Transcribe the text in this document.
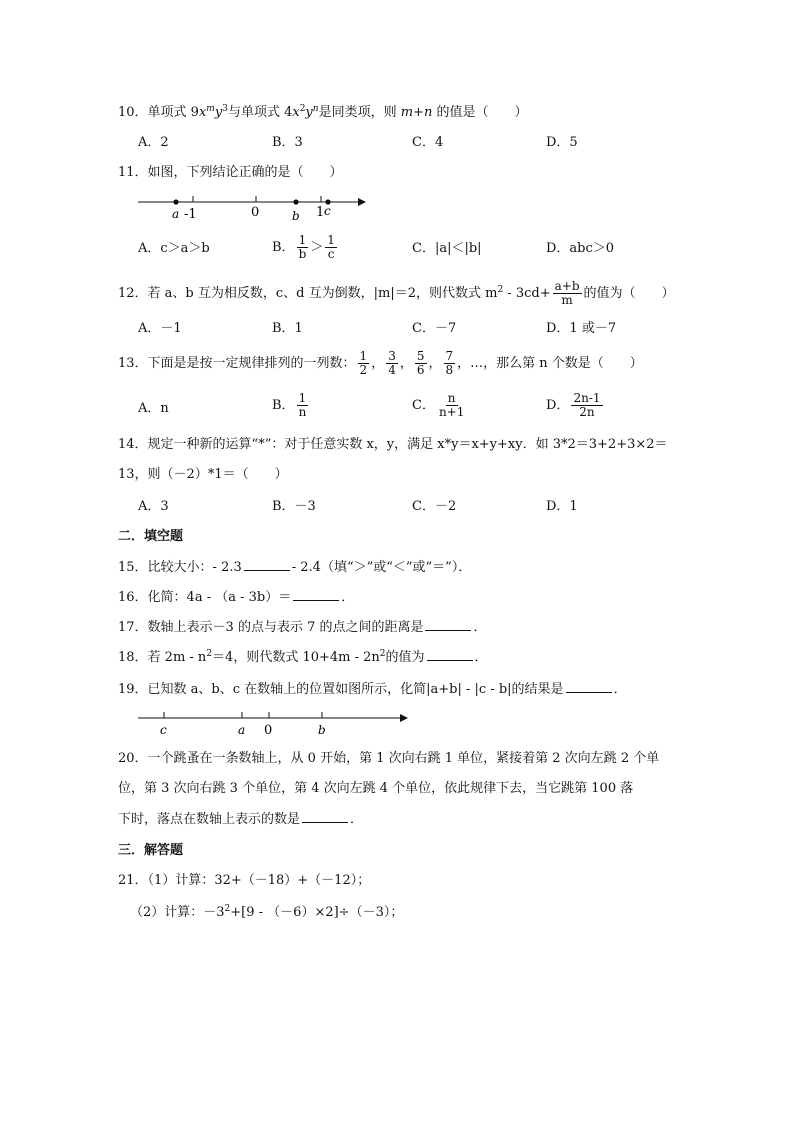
10．单项式 $9x^my^3$与单项式 $4x^2y^n$是同类项，则 m+n 的值是（　　）
A．2	B．3	C．4	D．5
11．如图，下列结论正确的是（　　）
a -1	0	b 1 c
A．c＞a＞b	B． $\frac{1}{b} > \frac{1}{c}$	C．|a|＜|b|	D．abc＞0
12．若 a、b 互为相反数，c、d 互为倒数，|m|＝2，则代数式 $m^2 - 3cd+ \frac{a+b}{m}$ 的值为（　　）
A．－1	B．1	C．－7	D．1 或－7
13．下面是是按一定规律排列的一列数： $\frac{1}{2}$ ， $\frac{3}{4}$ ， $\frac{5}{6}$ ， $\frac{7}{8}$ ，…，那么第 n 个数是（　　）
A．n	B． $\frac{1}{n}$	C． $\frac{n}{n+1}$	D． $\frac{2n-1}{2n}$
14．规定一种新的运算“*”：对于任意实数 x，y，满足 x*y＝x+y+xy．如 3*2＝3+2+3×2＝
13，则（－2）*1＝（　　）
A．3	B．－3	C．－2	D．1
二．填空题
15．比较大小：- 2.3	- 2.4（填“＞”或“＜”或“＝”）．
16．化简：4a - （a - 3b）＝	．
17．数轴上表示－3 的点与表示 7 的点之间的距离是	．
18．若 $2m - n^2=4$，则代数式 $10+4m - 2n^2$的值为	．
19．已知数 a、b、c 在数轴上的位置如图所示，化简|a+b| - |c - b|的结果是	．
c	a 0	b
20．一个跳蚤在一条数轴上，从 0 开始，第 1 次向右跳 1 单位，紧接着第 2 次向左跳 2 个单
位，第 3 次向右跳 3 个单位，第 4 次向左跳 4 个单位，依此规律下去，当它跳第 100 落
下时，落点在数轴上表示的数是	．
三．解答题
21．（1）计算：32+（－18）+（－12）；
（2）计算：$-3^2+[9 - (-6)\times 2]\div(-3)$；
